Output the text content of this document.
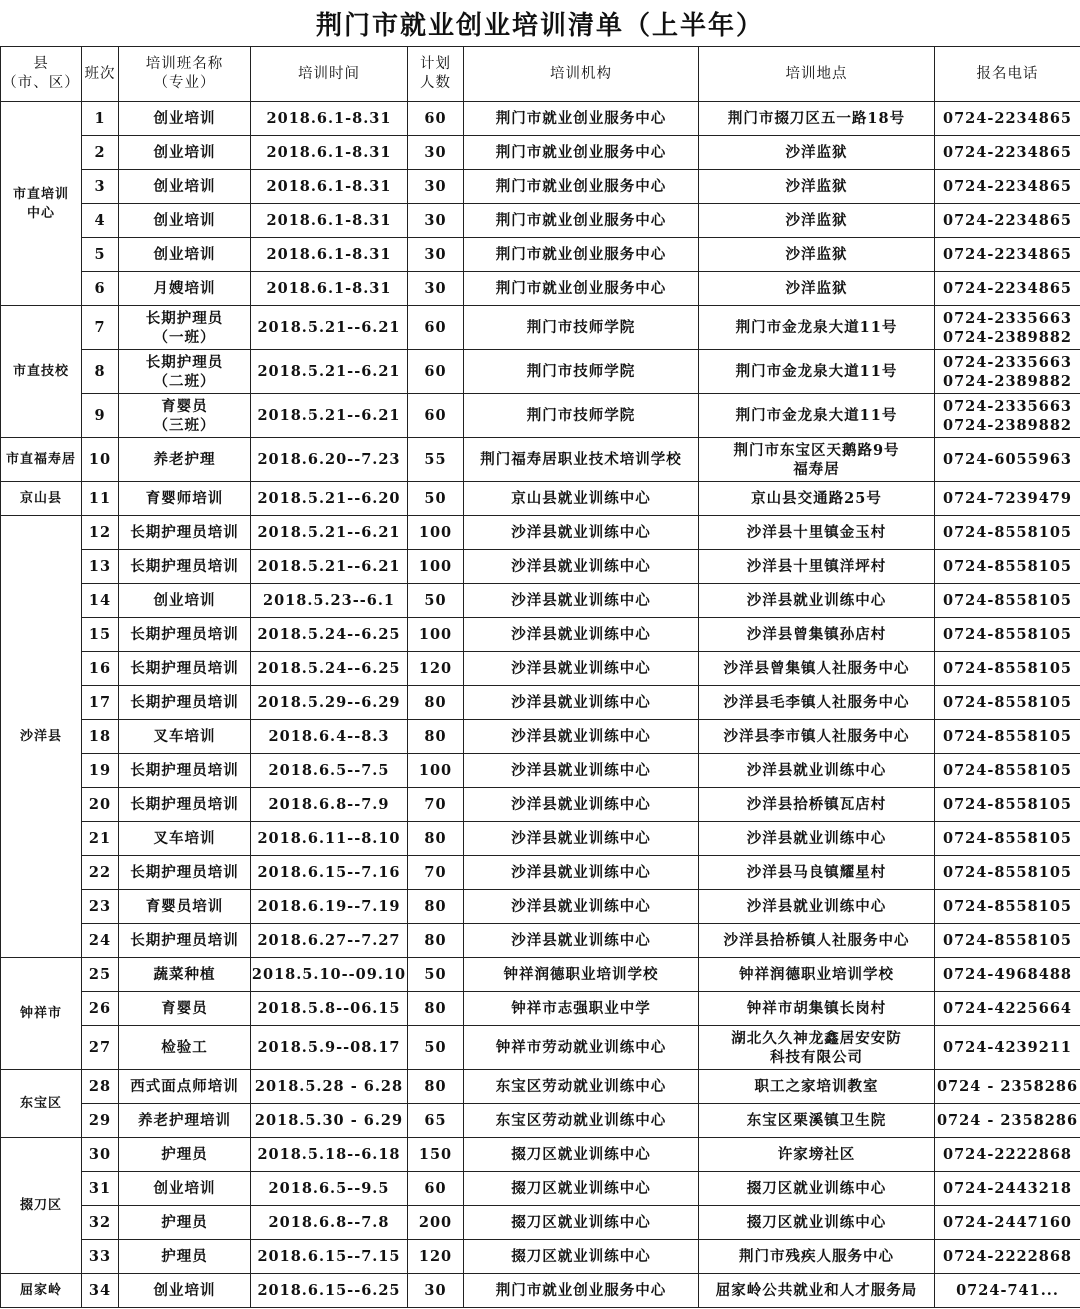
荆门市就业创业培训清单（上半年）
县
（市、区）	班次	培训班名称
（专业）	培训时间	计划
人数	培训机构	培训地点	报名电话

市直培训
中心	1	创业培训	2018.6.1-8.31	60	荆门市就业创业服务中心	荆门市掇刀区五一路18号	0724-2234865

	2	创业培训	2018.6.1-8.31	30	荆门市就业创业服务中心	沙洋监狱	0724-2234865

	3	创业培训	2018.6.1-8.31	30	荆门市就业创业服务中心	沙洋监狱	0724-2234865

	4	创业培训	2018.6.1-8.31	30	荆门市就业创业服务中心	沙洋监狱	0724-2234865

	5	创业培训	2018.6.1-8.31	30	荆门市就业创业服务中心	沙洋监狱	0724-2234865

	6	月嫂培训	2018.6.1-8.31	30	荆门市就业创业服务中心	沙洋监狱	0724-2234865

市直技校	7	长期护理员
（一班）	2018.5.21--6.21	60	荆门市技师学院	荆门市金龙泉大道11号	0724-2335663
0724-2389882

	8	长期护理员
（二班）	2018.5.21--6.21	60	荆门市技师学院	荆门市金龙泉大道11号	0724-2335663
0724-2389882

	9	育婴员
（三班）	2018.5.21--6.21	60	荆门市技师学院	荆门市金龙泉大道11号	0724-2335663
0724-2389882

市直福寿居	10	养老护理	2018.6.20--7.23	55	荆门福寿居职业技术培训学校	荆门市东宝区天鹅路9号
福寿居	0724-6055963

京山县	11	育婴师培训	2018.5.21--6.20	50	京山县就业训练中心	京山县交通路25号	0724-7239479

沙洋县	12	长期护理员培训	2018.5.21--6.21	100	沙洋县就业训练中心	沙洋县十里镇金玉村	0724-8558105

	13	长期护理员培训	2018.5.21--6.21	100	沙洋县就业训练中心	沙洋县十里镇洋坪村	0724-8558105

	14	创业培训	2018.5.23--6.1	50	沙洋县就业训练中心	沙洋县就业训练中心	0724-8558105

	15	长期护理员培训	2018.5.24--6.25	100	沙洋县就业训练中心	沙洋县曾集镇孙店村	0724-8558105

	16	长期护理员培训	2018.5.24--6.25	120	沙洋县就业训练中心	沙洋县曾集镇人社服务中心	0724-8558105

	17	长期护理员培训	2018.5.29--6.29	80	沙洋县就业训练中心	沙洋县毛李镇人社服务中心	0724-8558105

	18	叉车培训	2018.6.4--8.3	80	沙洋县就业训练中心	沙洋县李市镇人社服务中心	0724-8558105

	19	长期护理员培训	2018.6.5--7.5	100	沙洋县就业训练中心	沙洋县就业训练中心	0724-8558105

	20	长期护理员培训	2018.6.8--7.9	70	沙洋县就业训练中心	沙洋县拾桥镇瓦店村	0724-8558105

	21	叉车培训	2018.6.11--8.10	80	沙洋县就业训练中心	沙洋县就业训练中心	0724-8558105

	22	长期护理员培训	2018.6.15--7.16	70	沙洋县就业训练中心	沙洋县马良镇耀星村	0724-8558105

	23	育婴员培训	2018.6.19--7.19	80	沙洋县就业训练中心	沙洋县就业训练中心	0724-8558105

	24	长期护理员培训	2018.6.27--7.27	80	沙洋县就业训练中心	沙洋县拾桥镇人社服务中心	0724-8558105

钟祥市	25	蔬菜种植	2018.5.10--09.10	50	钟祥润德职业培训学校	钟祥润德职业培训学校	0724-4968488

	26	育婴员	2018.5.8--06.15	80	钟祥市志强职业中学	钟祥市胡集镇长岗村	0724-4225664

	27	检验工	2018.5.9--08.17	50	钟祥市劳动就业训练中心	湖北久久神龙鑫居安安防
科技有限公司	0724-4239211

东宝区	28	西式面点师培训	2018.5.28 - 6.28	80	东宝区劳动就业训练中心	职工之家培训教室	0724 - 2358286

	29	养老护理培训	2018.5.30 - 6.29	65	东宝区劳动就业训练中心	东宝区栗溪镇卫生院	0724 - 2358286

掇刀区	30	护理员	2018.5.18--6.18	150	掇刀区就业训练中心	许家塝社区	0724-2222868

	31	创业培训	2018.6.5--9.5	60	掇刀区就业训练中心	掇刀区就业训练中心	0724-2443218

	32	护理员	2018.6.8--7.8	200	掇刀区就业训练中心	掇刀区就业训练中心	0724-2447160

	33	护理员	2018.6.15--7.15	120	掇刀区就业训练中心	荆门市残疾人服务中心	0724-2222868

屈家岭	34	创业培训	2018.6.15--6.25	30	荆门市就业创业服务中心	屈家岭公共就业和人才服务局	0724-741...
